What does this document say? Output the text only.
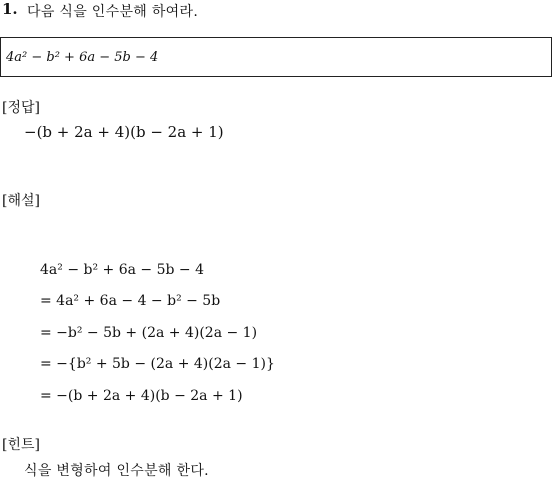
1. 다음 식을 인수분해 하여라.
4a² − b² + 6a − 5b − 4
[정답]
−(b + 2a + 4)(b − 2a + 1)
[해설]
4a² − b² + 6a − 5b − 4
= 4a² + 6a − 4 − b² − 5b
= −b² − 5b + (2a + 4)(2a − 1)
= −{b² + 5b − (2a + 4)(2a − 1)}
= −(b + 2a + 4)(b − 2a + 1)
[힌트]
식을 변형하여 인수분해 한다.
